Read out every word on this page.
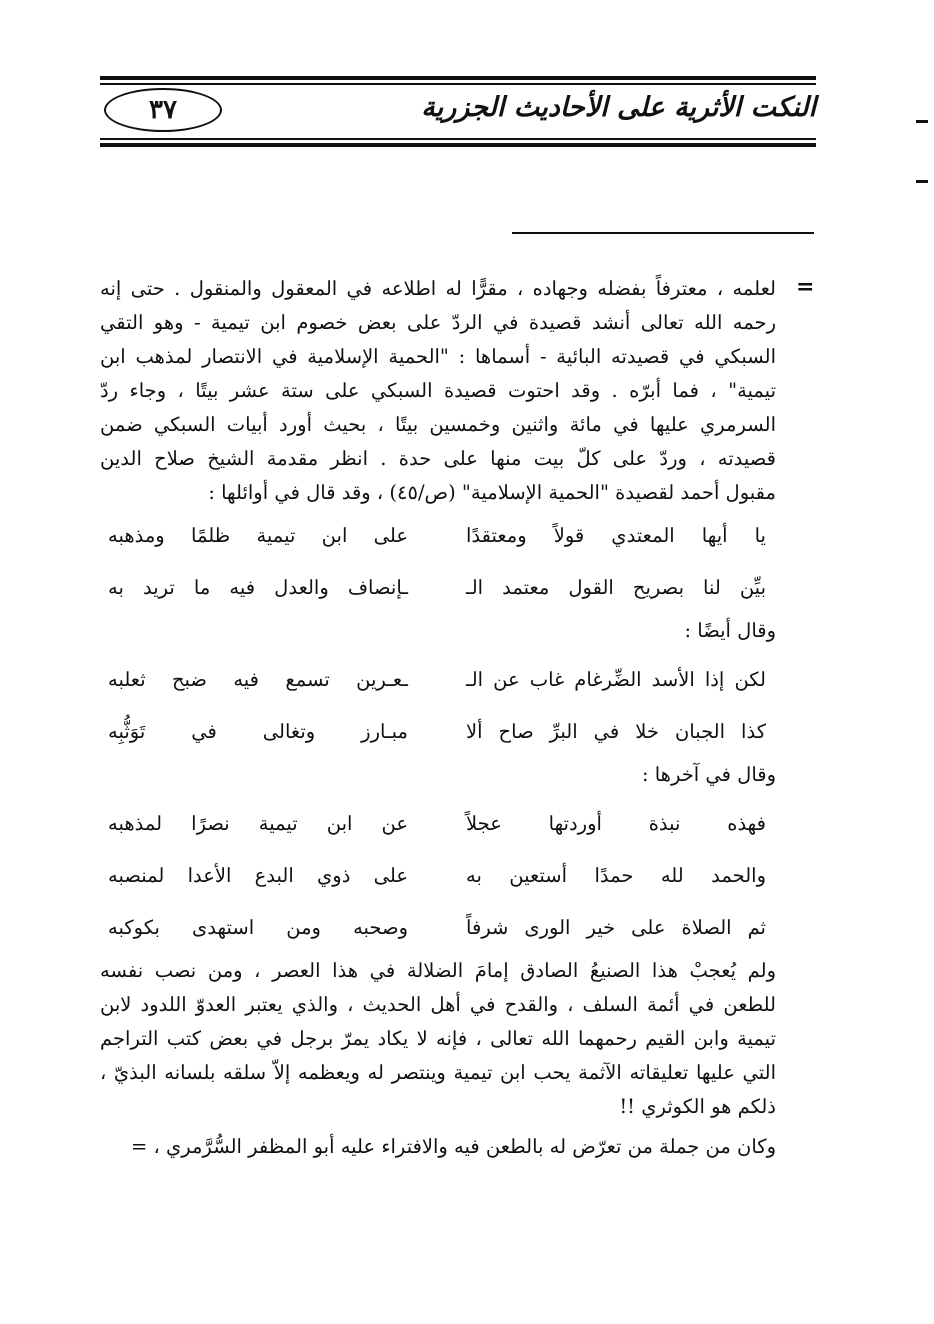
النكت الأثرية على الأحاديث الجزرية
٣٧
=
لعلمه ، معترفاً بفضله وجهاده ، مقرًّا له اطلاعه في المعقول والمنقول . حتى إنه
رحمه الله تعالى أنشد قصيدة في الردّ على بعض خصوم ابن تيمية - وهو التقي
السبكي في قصيدته البائية - أسماها : "الحمية الإسلامية في الانتصار لمذهب ابن
تيمية" ، فما أبرّه . وقد احتوت قصيدة السبكي على ستة عشر بيتًا ، وجاء ردّ
السرمري عليها في مائة واثنين وخمسين بيتًا ، بحيث أورد أبيات السبكي ضمن
قصيدته ، وردّ على كلّ بيت منها على حدة . انظر مقدمة الشيخ صلاح الدين
مقبول أحمد لقصيدة "الحمية الإسلامية" (ص/٤٥) ، وقد قال في أوائلها :
يا أيها المعتدي قولاً ومعتقدًا
على ابن تيمية ظلمًا ومذهبه
بيِّن لنا بصريح القول معتمد الـ
ـإنصاف والعدل فيه ما تريد به
وقال أيضًا :
لكن إذا الأسد الضِّرغام غاب عن الـ
ـعـرين تسمع فيه ضبح ثعلبه
كذا الجبان خلا في البرِّ صاح ألا
مبـارز وتغالى في تَوَثُّبِه
وقال في آخرها :
فهذه نبذة أوردتها عجلاً
عن ابن تيمية نصرًا لمذهبه
والحمد لله حمدًا أستعين به
على ذوي البدع الأعدا لمنصبه
ثم الصلاة على خير الورى شرفاً
وصحبه ومن استهدى بكوكبه
ولم يُعجبْ هذا الصنيعُ الصادق إمامَ الضلالة في هذا العصر ، ومن نصب نفسه
للطعن في أئمة السلف ، والقدح في أهل الحديث ، والذي يعتبر العدوّ اللدود لابن
تيمية وابن القيم رحمهما الله تعالى ، فإنه لا يكاد يمرّ برجل في بعض كتب التراجم
التي عليها تعليقاته الآثمة يحب ابن تيمية وينتصر له ويعظمه إلاّ سلقه بلسانه البذيّ ،
ذلكم هو الكوثري !!
وكان من جملة من تعرّض له بالطعن فيه والافتراء عليه أبو المظفر السُّرَّمري ، =
